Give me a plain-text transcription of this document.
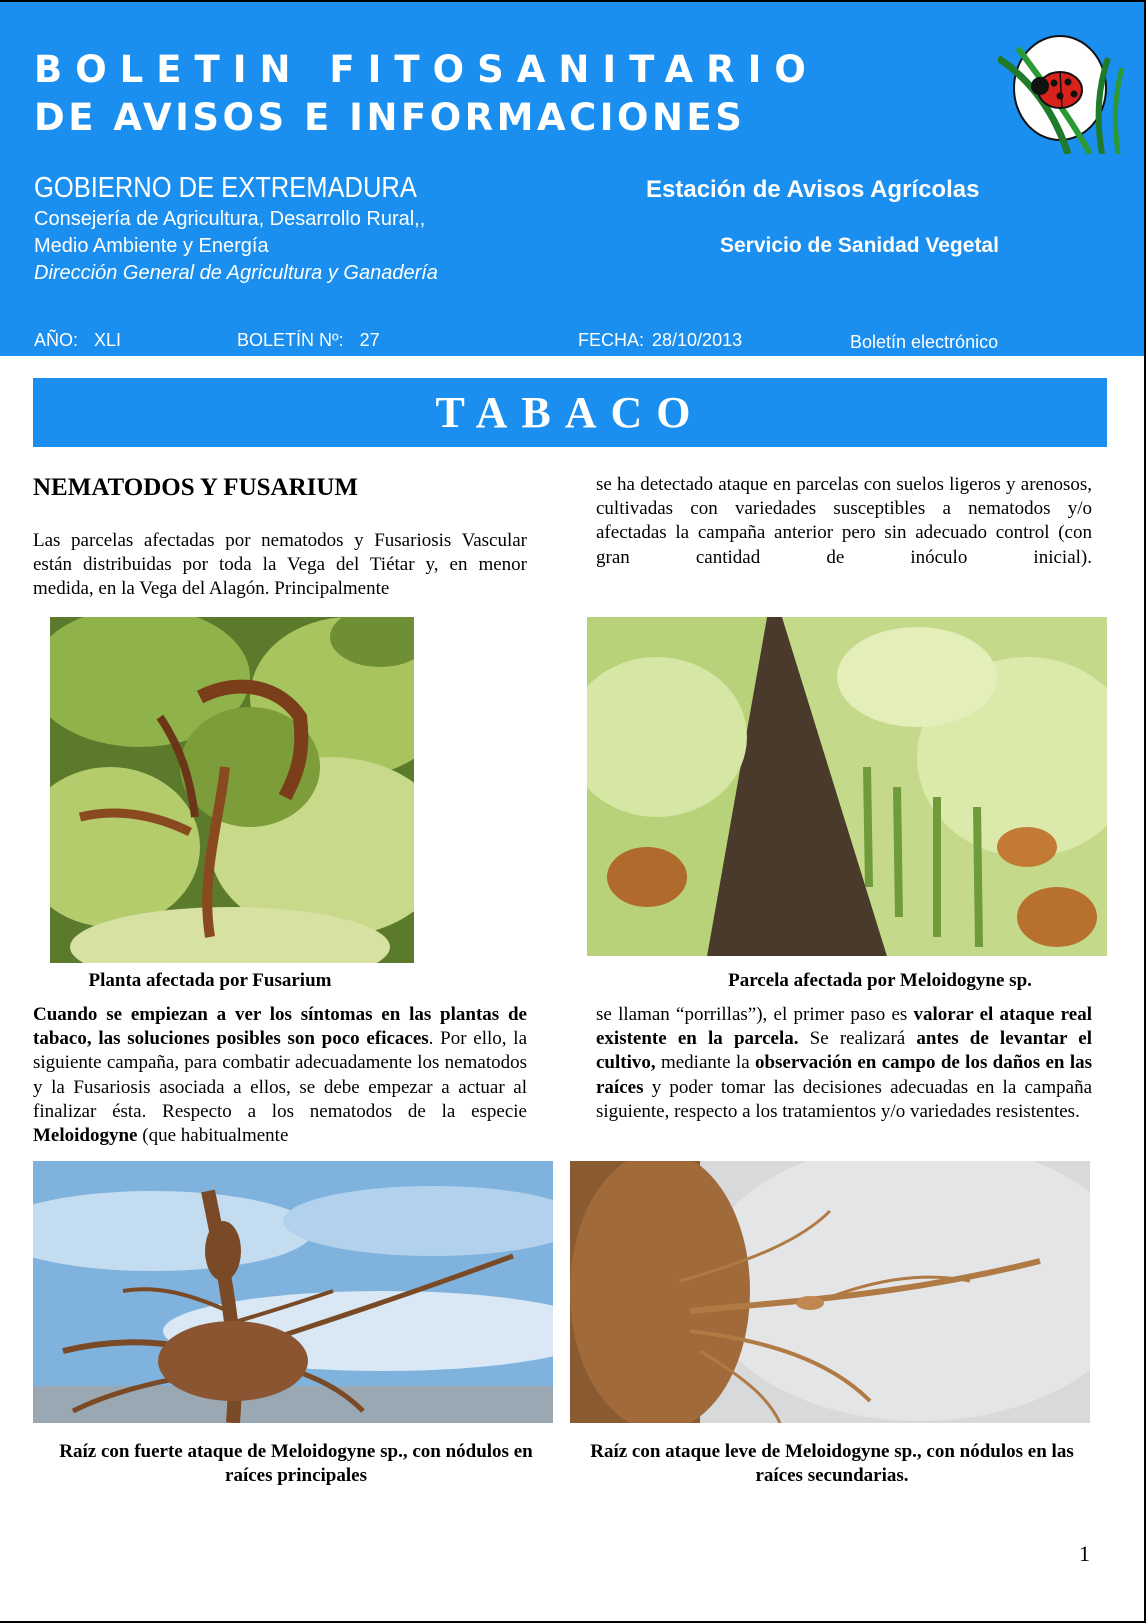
BOLETIN FITOSANITARIO
DE AVISOS E INFORMACIONES
GOBIERNO DE EXTREMADURA
Consejería de Agricultura, Desarrollo Rural,,
Medio Ambiente y Energía
Dirección General de Agricultura y Ganadería
Estación de Avisos Agrícolas
Servicio de Sanidad Vegetal
AÑO: XLI	BOLETÍN Nº: 27	FECHA: 28/10/2013	Boletín electrónico
TABACO
NEMATODOS Y FUSARIUM
Las parcelas afectadas por nematodos y Fusariosis Vascular están distribuidas por toda la Vega del Tiétar y, en menor medida, en la Vega del Alagón. Principalmente
se ha detectado ataque en parcelas con suelos ligeros y arenosos, cultivadas con variedades susceptibles a nematodos y/o afectadas la campaña anterior pero sin adecuado control (con gran cantidad de inóculo inicial).
Planta afectada por Fusarium	Parcela afectada por Meloidogyne sp.
Cuando se empiezan a ver los síntomas en las plantas de tabaco, las soluciones posibles son poco eficaces. Por ello, la siguiente campaña, para combatir adecuadamente los nematodos y la Fusariosis asociada a ellos, se debe empezar a actuar al finalizar ésta. Respecto a los nematodos de la especie Meloidogyne (que habitualmente
se llaman “porrillas”), el primer paso es valorar el ataque real existente en la parcela. Se realizará antes de levantar el cultivo, mediante la observación en campo de los daños en las raíces y poder tomar las decisiones adecuadas en la campaña siguiente, respecto a los tratamientos y/o variedades resistentes.
Raíz con fuerte ataque de Meloidogyne sp., con nódulos en raíces principales
Raíz con ataque leve de Meloidogyne sp., con nódulos en las raíces secundarias.
1
